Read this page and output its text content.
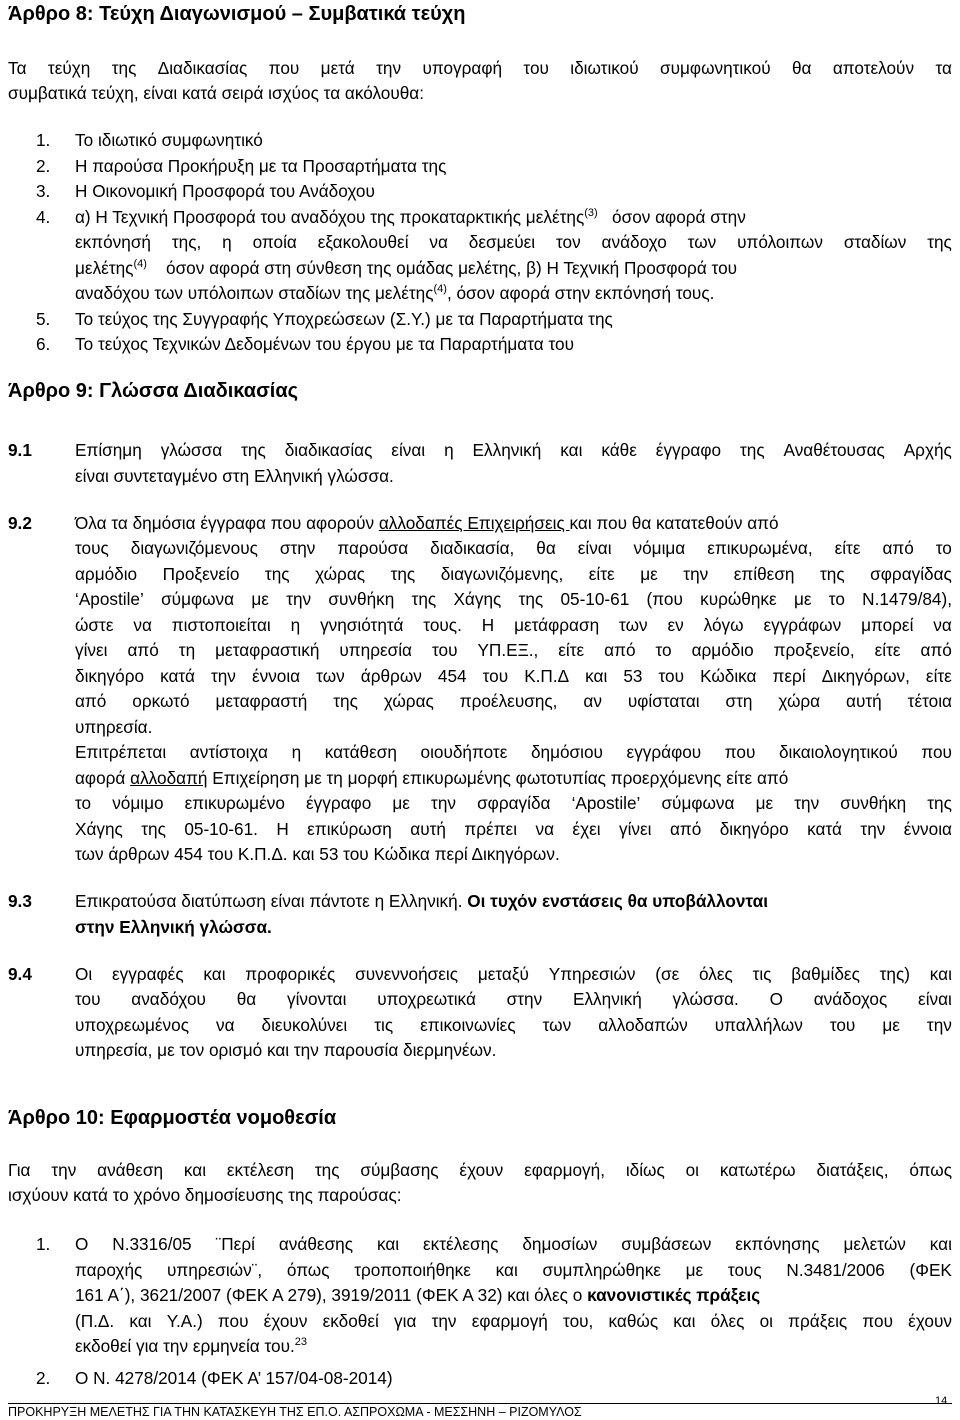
Άρθρο 8: Τεύχη Διαγωνισμού – Συμβατικά τεύχη
Τα τεύχη της Διαδικασίας που μετά την υπογραφή του ιδιωτικού συμφωνητικού θα αποτελούν τα
συμβατικά τεύχη, είναι κατά σειρά ισχύος τα ακόλουθα:
1. Το ιδιωτικό συμφωνητικό
2. Η παρούσα Προκήρυξη με τα Προσαρτήματα της
3. Η Οικονομική Προσφορά του Ανάδοχου
4. α) Η Τεχνική Προσφορά του αναδόχου της προκαταρκτικής μελέτης$^{(3)}$ όσον αφορά στην
εκπόνησή της, η οποία εξακολουθεί να δεσμεύει τον ανάδοχο των υπόλοιπων σταδίων της
μελέτης$^{(4)}$ όσον αφορά στη σύνθεση της ομάδας μελέτης, β) Η Τεχνική Προσφορά του
αναδόχου των υπόλοιπων σταδίων της μελέτης$^{(4)}$, όσον αφορά στην εκπόνησή τους.
5. Το τεύχος της Συγγραφής Υποχρεώσεων (Σ.Υ.) με τα Παραρτήματα της
6. Το τεύχος Τεχνικών Δεδομένων του έργου με τα Παραρτήματα του
Άρθρο 9: Γλώσσα Διαδικασίας
9.1	Επίσημη γλώσσα της διαδικασίας είναι η Ελληνική και κάθε έγγραφο της Αναθέτουσας Αρχής
είναι συντεταγμένο στη Ελληνική γλώσσα.
9.2	Όλα τα δημόσια έγγραφα που αφορούν αλλοδαπές Επιχειρήσεις και που θα κατατεθούν από
τους διαγωνιζόμενους στην παρούσα διαδικασία, θα είναι νόμιμα επικυρωμένα, είτε από το
αρμόδιο Προξενείο της χώρας της διαγωνιζόμενης, είτε με την επίθεση της σφραγίδας
‘Apostile’ σύμφωνα με την συνθήκη της Χάγης της 05-10-61 (που κυρώθηκε με το Ν.1479/84),
ώστε να πιστοποιείται η γνησιότητά τους. Η μετάφραση των εν λόγω εγγράφων μπορεί να
γίνει από τη μεταφραστική υπηρεσία του ΥΠ.ΕΞ., είτε από το αρμόδιο προξενείο, είτε από
δικηγόρο κατά την έννοια των άρθρων 454 του Κ.Π.Δ και 53 του Κώδικα περί Δικηγόρων, είτε
από ορκωτό μεταφραστή της χώρας προέλευσης, αν υφίσταται στη χώρα αυτή τέτοια
υπηρεσία.
Επιτρέπεται αντίστοιχα η κατάθεση οιουδήποτε δημόσιου εγγράφου που δικαιολογητικού που
αφορά αλλοδαπή Επιχείρηση με τη μορφή επικυρωμένης φωτοτυπίας προερχόμενης είτε από
το νόμιμο επικυρωμένο έγγραφο με την σφραγίδα ‘Apostile’ σύμφωνα με την συνθήκη της
Χάγης της 05-10-61. Η επικύρωση αυτή πρέπει να έχει γίνει από δικηγόρο κατά την έννοια
των άρθρων 454 του Κ.Π.Δ. και 53 του Κώδικα περί Δικηγόρων.
9.3	Επικρατούσα διατύπωση είναι πάντοτε η Ελληνική. Οι τυχόν ενστάσεις θα υποβάλλονται
στην Ελληνική γλώσσα.
9.4	Οι εγγραφές και προφορικές συνεννοήσεις μεταξύ Υπηρεσιών (σε όλες τις βαθμίδες της) και
του αναδόχου θα γίνονται υποχρεωτικά στην Ελληνική γλώσσα. Ο ανάδοχος είναι
υποχρεωμένος να διευκολύνει τις επικοινωνίες των αλλοδαπών υπαλλήλων του με την
υπηρεσία, με τον ορισμό και την παρουσία διερμηνέων.
Άρθρο 10: Εφαρμοστέα νομοθεσία
Για την ανάθεση και εκτέλεση της σύμβασης έχουν εφαρμογή, ιδίως οι κατωτέρω διατάξεις, όπως
ισχύουν κατά το χρόνο δημοσίευσης της παρούσας:
1. Ο Ν.3316/05 ¨Περί ανάθεσης και εκτέλεσης δημοσίων συμβάσεων εκπόνησης μελετών και
παροχής υπηρεσιών¨, όπως τροποποιήθηκε και συμπληρώθηκε με τους Ν.3481/2006 (ΦΕΚ
161 Α΄), 3621/2007 (ΦΕΚ Α 279), 3919/2011 (ΦΕΚ Α 32) και όλες ο κανονιστικές πράξεις
(Π.Δ. και Υ.Α.) που έχουν εκδοθεί για την εφαρμογή του, καθώς και όλες οι πράξεις που έχουν
εκδοθεί για την ερμηνεία του.$^{23}$
2. Ο Ν. 4278/2014 (ΦΕΚ Α’ 157/04-08-2014)
14
ΠΡΟΚΗΡΥΞΗ ΜΕΛΕΤΗΣ ΓΙΑ ΤΗΝ ΚΑΤΑΣΚΕΥΗ ΤΗΣ ΕΠ.Ο. ΑΣΠΡΟΧΩΜΑ - ΜΕΣΣΗΝΗ – ΡΙΖΟΜΥΛΟΣ
